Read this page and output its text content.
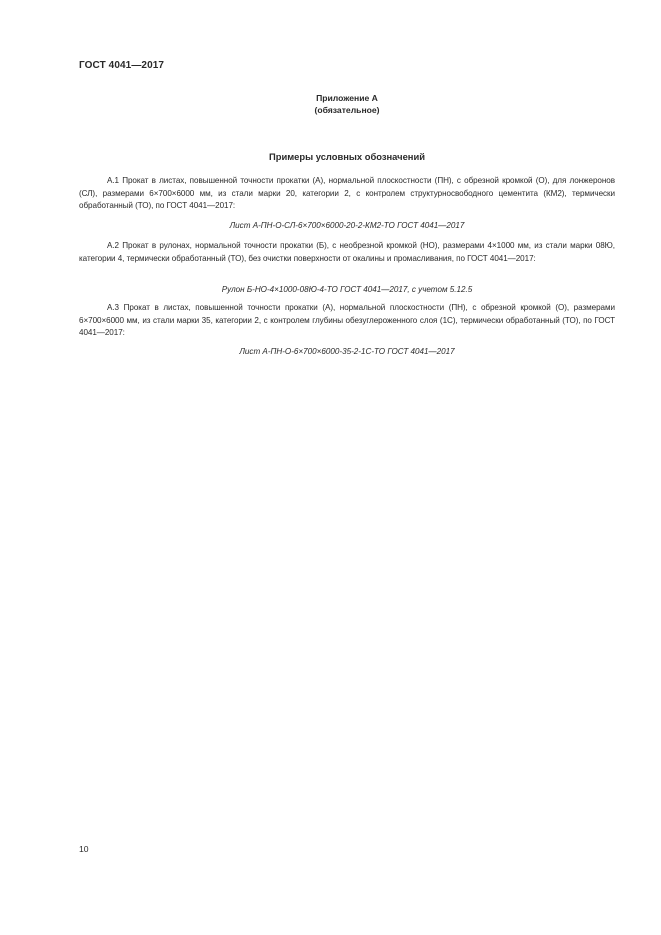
ГОСТ 4041—2017
Приложение А
(обязательное)
Примеры условных обозначений
А.1 Прокат в листах, повышенной точности прокатки (А), нормальной плоскостности (ПН), с обрезной кромкой (О), для лонжеронов (СЛ), размерами 6×700×6000 мм, из стали марки 20, категории 2, с контролем структурносвободного цементита (КМ2), термически обработанный (ТО), по ГОСТ 4041—2017:
Лист А-ПН-О-СЛ-6×700×6000-20-2-КМ2-ТО ГОСТ 4041—2017
А.2 Прокат в рулонах, нормальной точности прокатки (Б), с необрезной кромкой (НО), размерами 4×1000 мм, из стали марки 08Ю, категории 4, термически обработанный (ТО), без очистки поверхности от окалины и промасливания, по ГОСТ 4041—2017:
Рулон Б-НО-4×1000-08Ю-4-ТО ГОСТ 4041—2017, с учетом 5.12.5
А.3 Прокат в листах, повышенной точности прокатки (А), нормальной плоскостности (ПН), с обрезной кромкой (О), размерами 6×700×6000 мм, из стали марки 35, категории 2, с контролем глубины обезуглероженного слоя (1С), термически обработанный (ТО), по ГОСТ 4041—2017:
Лист А-ПН-О-6×700×6000-35-2-1С-ТО ГОСТ 4041—2017
10
